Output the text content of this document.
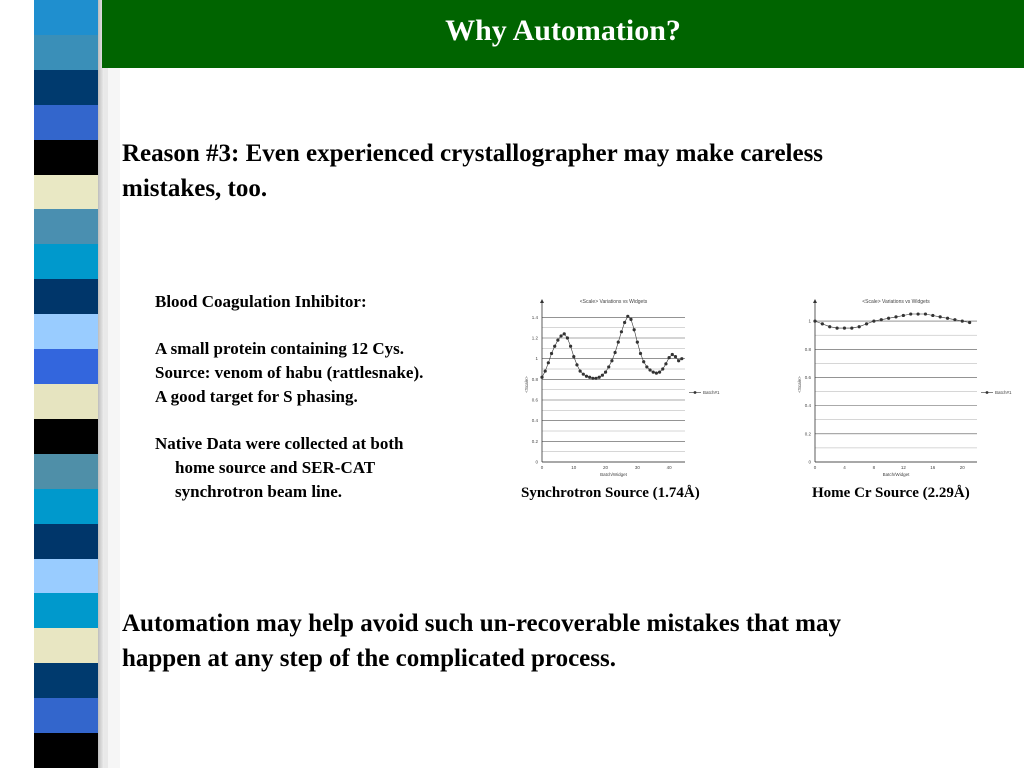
Why Automation?
Reason #3: Even experienced crystallographer may make careless
mistakes, too.
Blood Coagulation Inhibitor:
A small protein containing 12 Cys.
Source: venom of habu (rattlesnake).
A good target for S phasing.
Native Data were collected at both
home source and SER-CAT
synchrotron beam line.
<Scale> Variations vs Widgets
0
0.2
0.4
0.6
0.8
1
1.2
1.4
0	10	20	30	40
Batch/Widget
<Scale>	Batch#1
Synchrotron Source (1.74Å)
<Scale> Variations vs Widgets
0
0.2
0.4
0.6
0.8
1
0	4	8	12	16	20
Batch/Widget
<Scale>	Batch#1
Home Cr Source (2.29Å)
Automation may help avoid such un-recoverable mistakes that may
happen at any step of the complicated process.
